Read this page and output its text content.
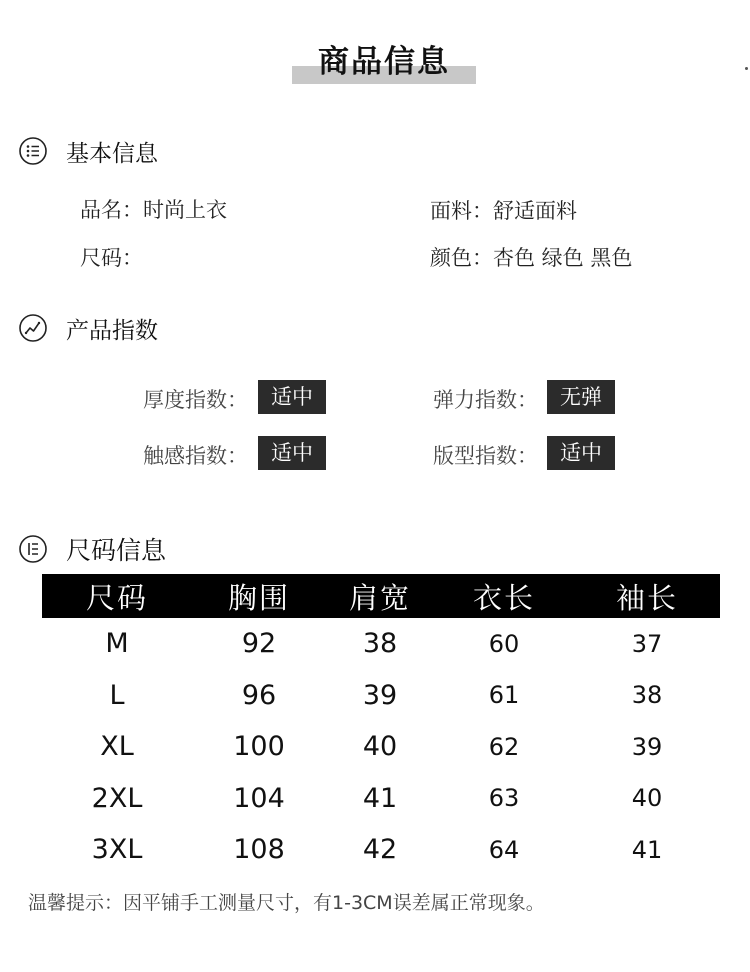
商品信息
基本信息
品名：时尚上衣	面料：舒适面料
尺码：	颜色：杏色 绿色 黑色
产品指数
厚度指数：	适中	弹力指数：	无弹
触感指数：	适中	版型指数：	适中
尺码信息
尺码	胸围	肩宽	衣长	袖长
M	92	38	60	37
L	96	39	61	38
XL	100	40	62	39
2XL	104	41	63	40
3XL	108	42	64	41
温馨提示：因平铺手工测量尺寸，有1-3CM误差属正常现象。
